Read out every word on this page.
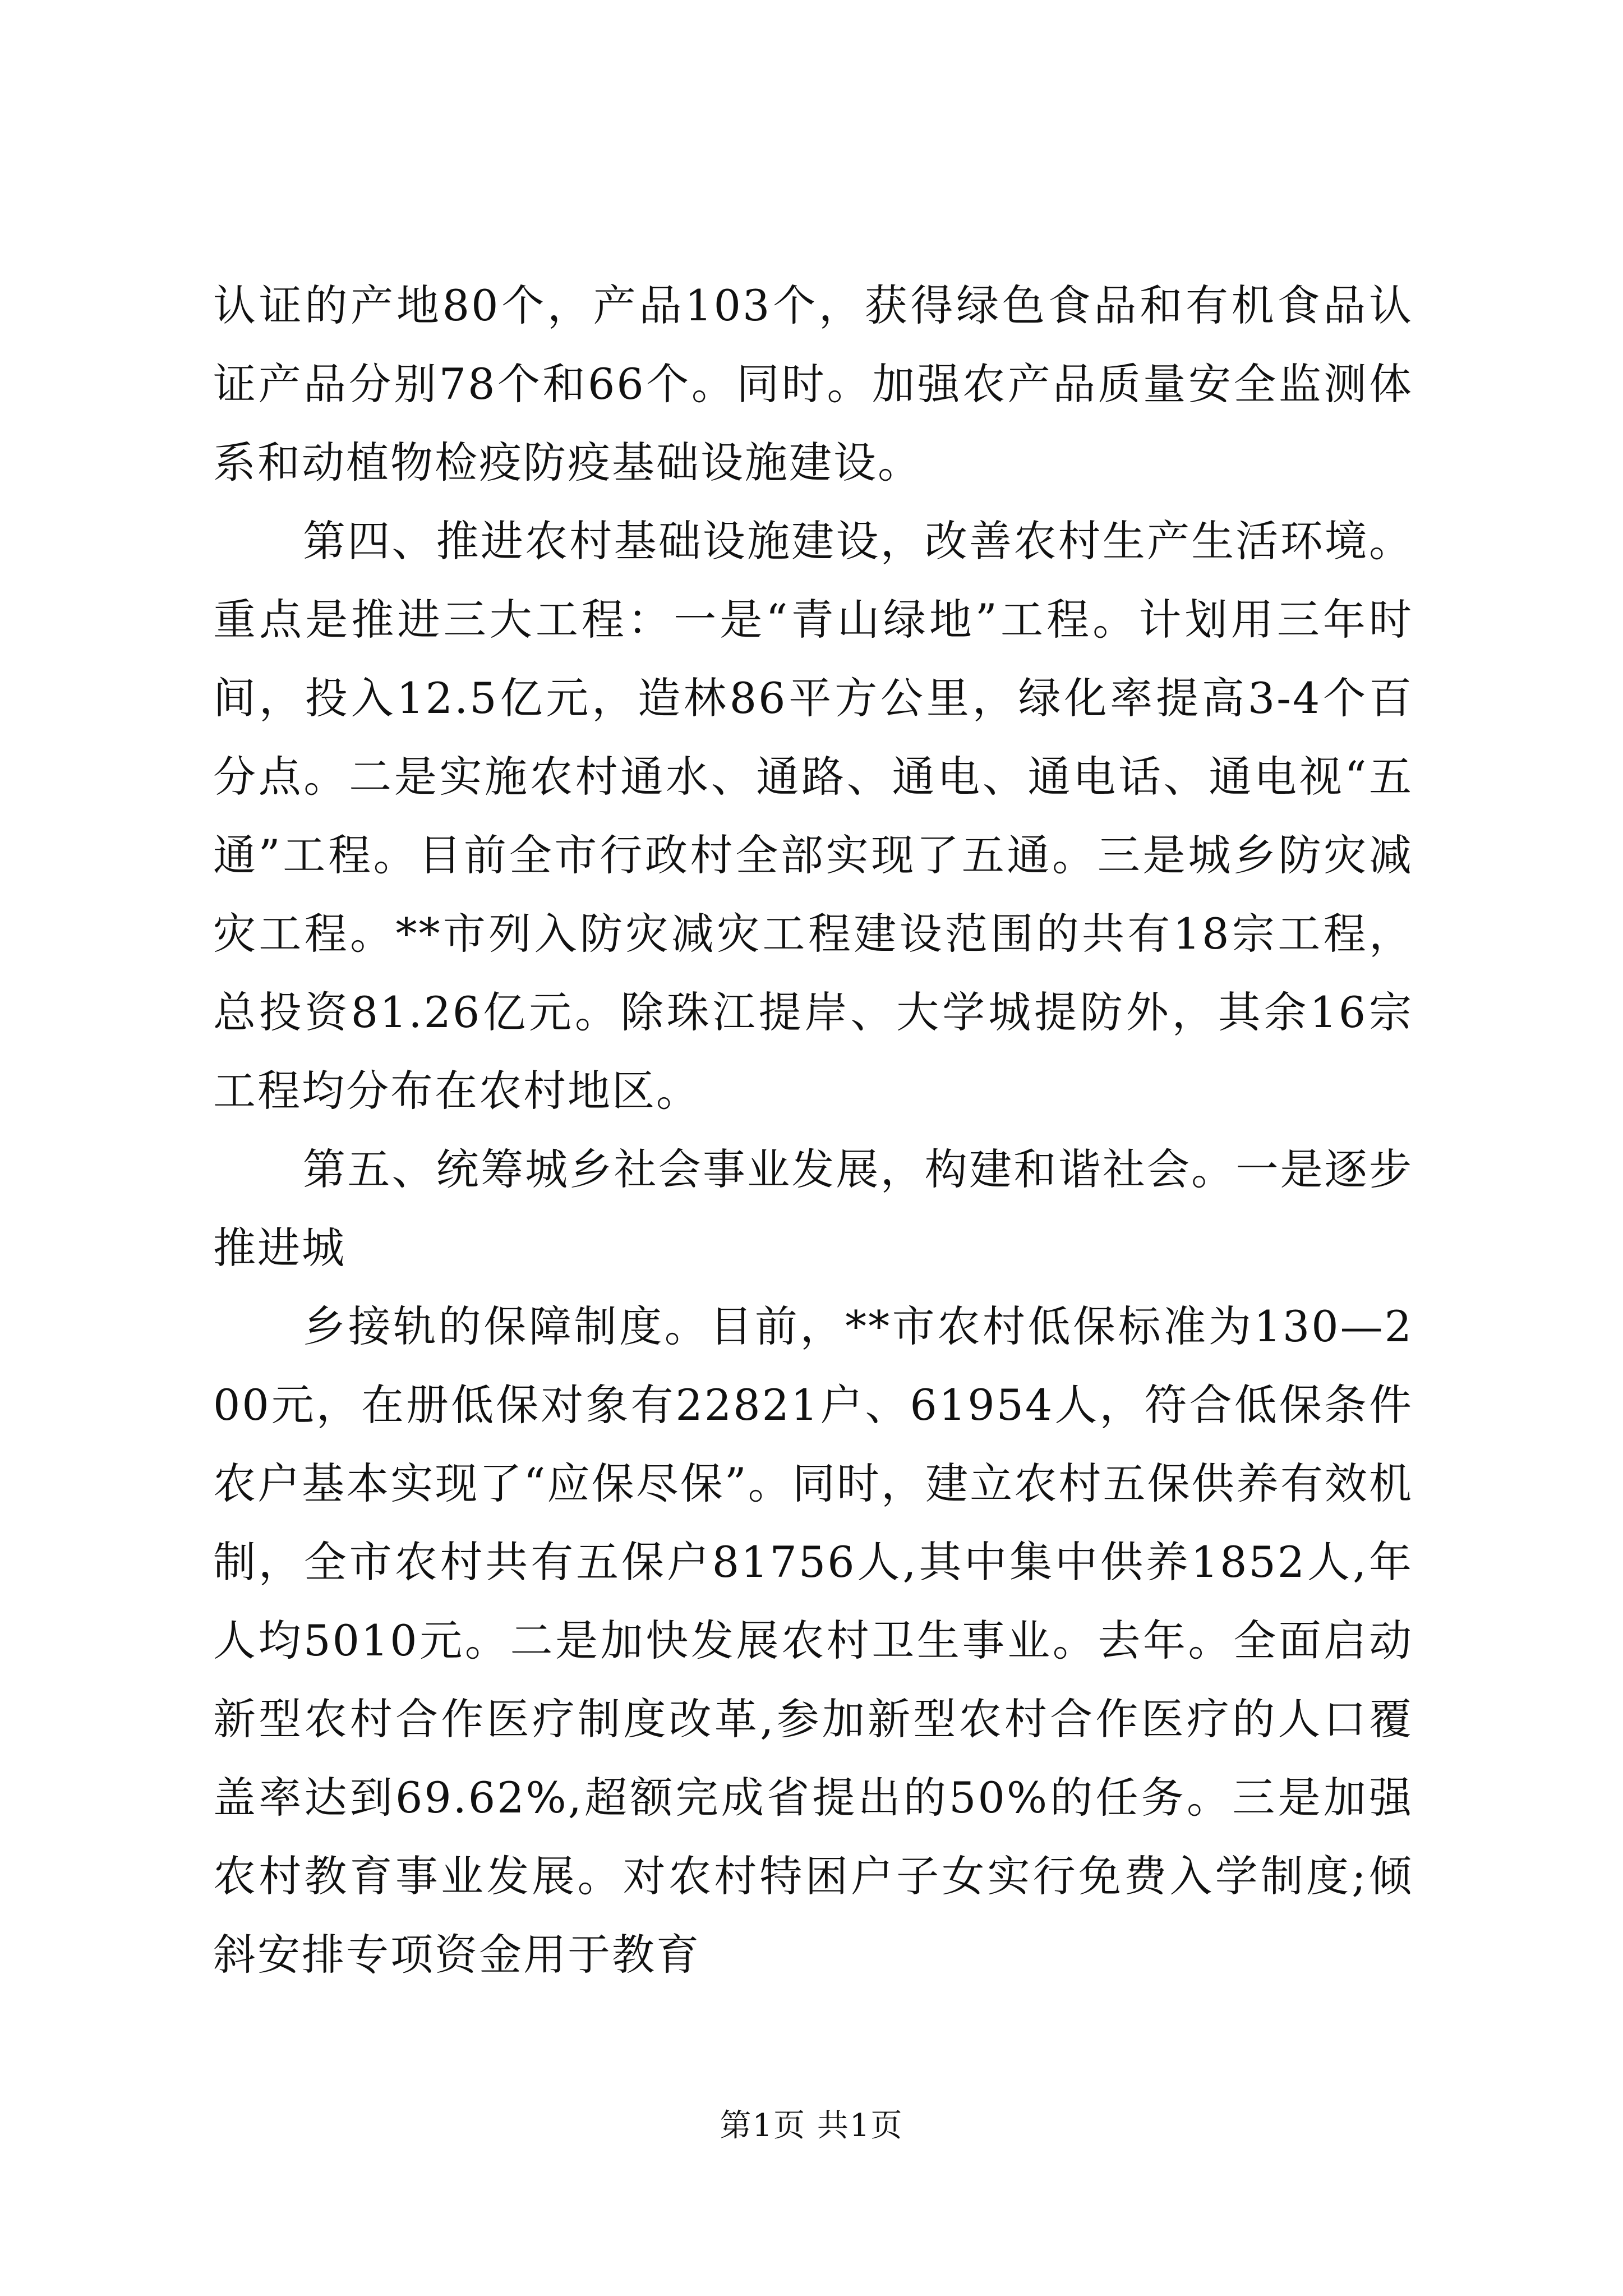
认证的产地80个，产品103个，获得绿色食品和有机食品认证产品分别78个和66个。同时。加强农产品质量安全监测体系和动植物检疫防疫基础设施建设。

第四、推进农村基础设施建设，改善农村生产生活环境。重点是推进三大工程：一是“青山绿地”工程。计划用三年时间，投入12.5亿元，造林86平方公里，绿化率提高3-4个百分点。二是实施农村通水、通路、通电、通电话、通电视“五通”工程。目前全市行政村全部实现了五通。三是城乡防灾减灾工程。**市列入防灾减灾工程建设范围的共有18宗工程，总投资81.26亿元。除珠江提岸、大学城提防外，其余16宗工程均分布在农村地区。

第五、统筹城乡社会事业发展，构建和谐社会。一是逐步推进城

乡接轨的保障制度。目前，**市农村低保标准为130—200元，在册低保对象有22821户、61954人，符合低保条件农户基本实现了“应保尽保”。同时，建立农村五保供养有效机制，全市农村共有五保户81756人,其中集中供养1852人,年人均5010元。二是加快发展农村卫生事业。去年。全面启动新型农村合作医疗制度改革,参加新型农村合作医疗的人口覆盖率达到69.62%,超额完成省提出的50%的任务。三是加强农村教育事业发展。对农村特困户子女实行免费入学制度;倾斜安排专项资金用于教育

第1页 共1页
